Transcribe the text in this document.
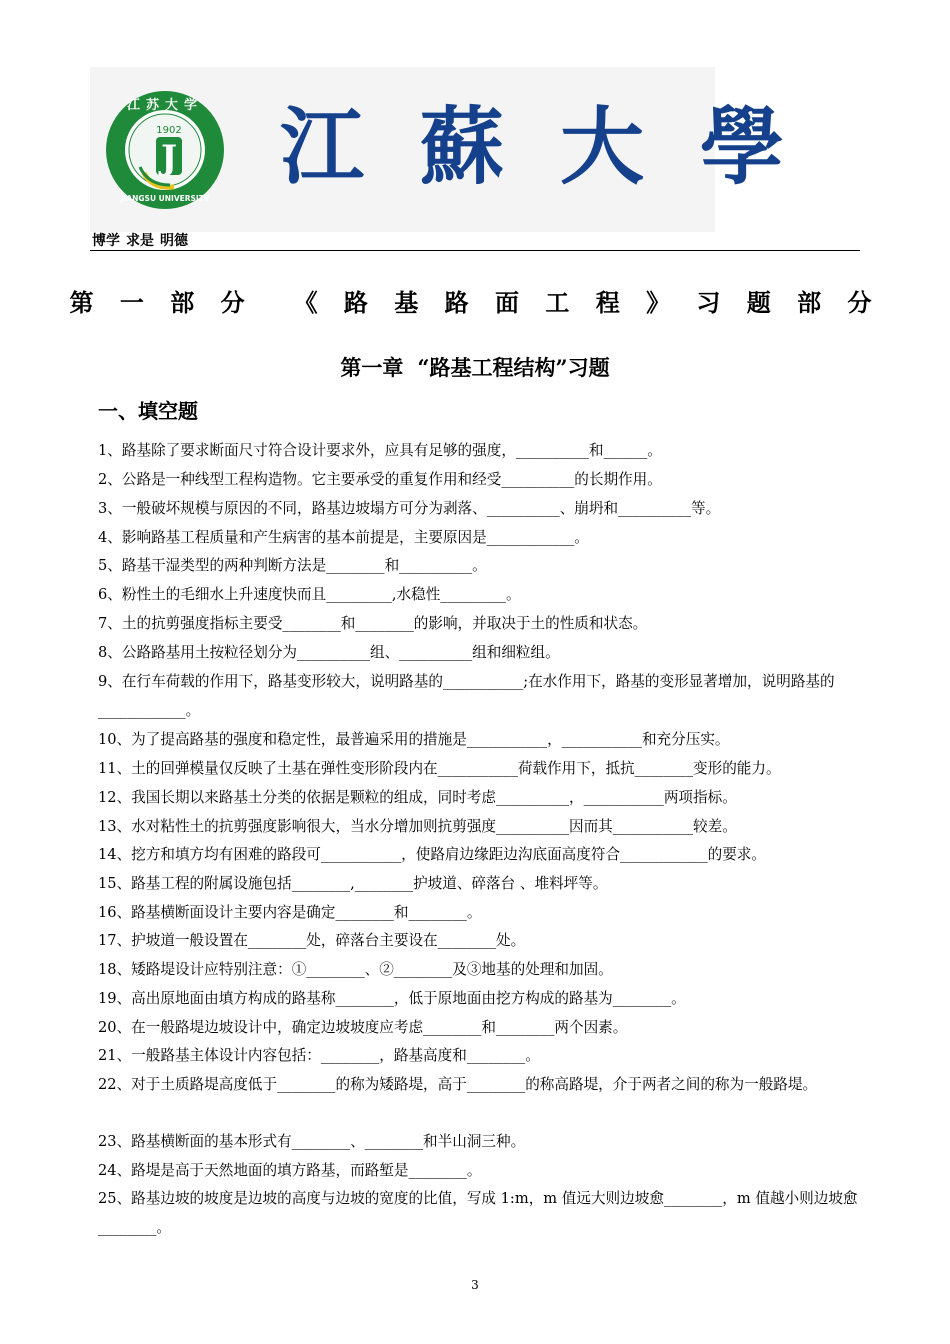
J
1902
江苏大学
JIANGSU UNIVERSITY
江蘇大學
博学 求是 明德
第 一 部 分 《 路 基 路 面 工 程 》 习 题 部 分
第一章 “路基工程结构”习题
一、填空题
1、路基除了要求断面尺寸符合设计要求外，应具有足够的强度，__________和______。
2、公路是一种线型工程构造物。它主要承受的重复作用和经受__________的长期作用。
3、一般破坏规模与原因的不同，路基边坡塌方可分为剥落、__________、崩坍和__________等。
4、影响路基工程质量和产生病害的基本前提是，主要原因是____________。
5、路基干湿类型的两种判断方法是________和__________。
6、粉性土的毛细水上升速度快而且_________,水稳性_________。
7、土的抗剪强度指标主要受________和________的影响，并取决于土的性质和状态。
8、公路路基用土按粒径划分为__________组、__________组和细粒组。
9、在行车荷载的作用下，路基变形较大，说明路基的___________;在水作用下，路基的变形显著增加，说明路基的____________。
10、为了提高路基的强度和稳定性，最普遍采用的措施是___________，___________和充分压实。
11、土的回弹模量仅反映了土基在弹性变形阶段内在___________荷载作用下，抵抗________变形的能力。
12、我国长期以来路基土分类的依据是颗粒的组成，同时考虑__________，___________两项指标。
13、水对粘性土的抗剪强度影响很大，当水分增加则抗剪强度__________因而其___________较差。
14、挖方和填方均有困难的路段可___________，使路肩边缘距边沟底面高度符合____________的要求。
15、路基工程的附属设施包括________,________护坡道、碎落台 、堆料坪等。
16、路基横断面设计主要内容是确定________和________。
17、护坡道一般设置在________处，碎落台主要设在________处。
18、矮路堤设计应特别注意：①________、②________及③地基的处理和加固。
19、高出原地面由填方构成的路基称________，低于原地面由挖方构成的路基为________。
20、在一般路堤边坡设计中，确定边坡坡度应考虑________和________两个因素。
21、一般路基主体设计内容包括：________，路基高度和________。
22、对于土质路堤高度低于________的称为矮路堤，高于________的称高路堤，介于两者之间的称为一般路堤。
23、路基横断面的基本形式有________、________和半山洞三种。
24、路堤是高于天然地面的填方路基，而路堑是________。
25、路基边坡的坡度是边坡的高度与边坡的宽度的比值，写成 1:m，m 值远大则边坡愈________，m 值越小则边坡愈________。
3
